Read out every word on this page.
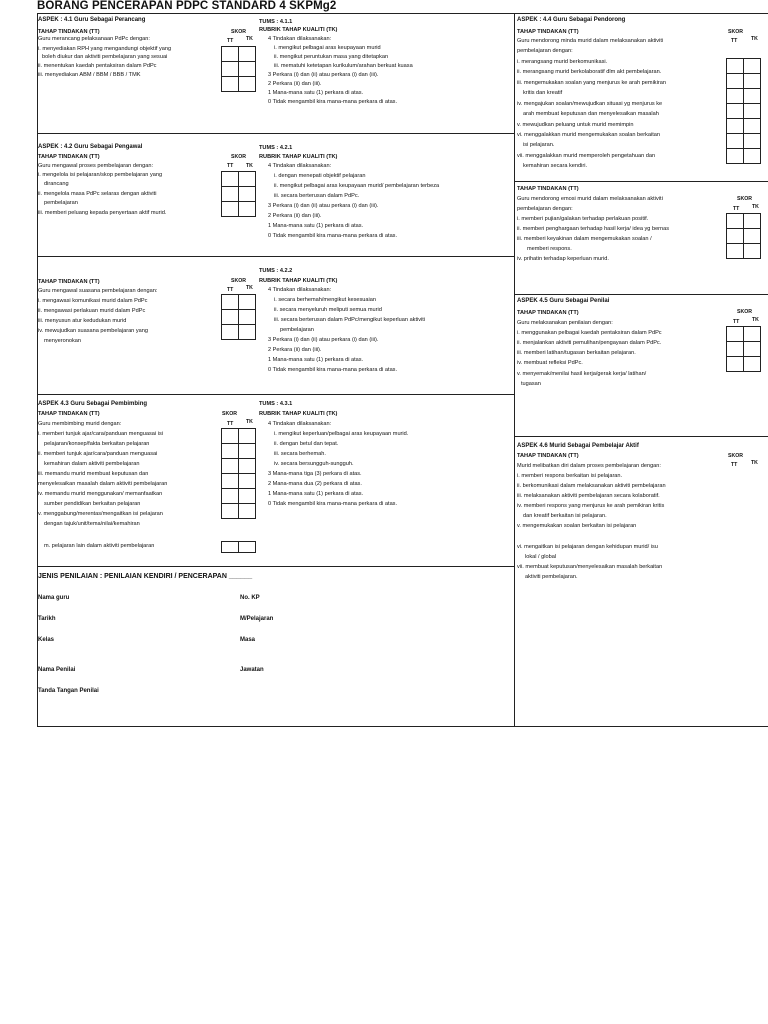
BORANG PENCERAPAN PDPC STANDARD 4 SKPMg2
ASPEK : 4.1 Guru Sebagai Perancang
TAHAP TINDAKAN (TT)
Guru merancang pelaksanaan PdPc dengan:
i. menyediakan RPH yang mengandungi objektif yang
boleh diukur dan aktiviti pembelajaran yang sesuai
ii. menentukan kaedah pentaksiran dalam PdPc
iii. menyediakan ABM / BBM / BBB / TMK
SKOR
TT TK

TUMS : 4.1.1
RUBRIK TAHAP KUALITI (TK)
4 Tindakan dilaksanakan:
i. mengikut pelbagai aras keupayaan murid
ii. mengikut peruntukan masa yang ditetapkan
iii. mematuhi ketetapan kurikulum/arahan berkuat kuasa
3 Perkara (i) dan (ii) atau perkara (i) dan (iii).
2 Perkara (ii) dan (iii).
1 Mana-mana satu (1) perkara di atas.
0 Tidak mengambil kira mana-mana perkara di atas.
ASPEK : 4.2 Guru Sebagai Pengawal
TAHAP TINDAKAN (TT)
Guru mengawal proses pembelajaran dengan:
i. mengelola isi pelajaran/skop pembelajaran yang
dirancang
ii. mengelola masa PdPc selaras dengan aktiviti
pembelajaran
iii. memberi peluang kepada penyertaan aktif murid.
SKOR
TT TK

TUMS : 4.2.1
RUBRIK TAHAP KUALITI (TK)
4 Tindakan dilaksanakan:
i. dengan menepati objektif pelajaran
ii. mengikut pelbagai aras keupayaan murid/ pembelajaran terbeza
iii. secara berterusan dalam PdPc.
3 Perkara (i) dan (ii) atau perkara (i) dan (iii).
2 Perkara (ii) dan (iii).
1 Mana-mana satu (1) perkara di atas.
0 Tidak mengambil kira mana-mana perkara di atas.
TAHAP TINDAKAN (TT)
Guru mengawal suasana pembelajaran dengan:
i. mengawasi komunikasi murid dalam PdPc
ii. mengawasi perlakuan murid dalam PdPc
iii. menyusun atur kedudukan murid
iv. mewujudkan suasana pembelajaran yang
menyeronokan
SKOR
TT TK

TUMS : 4.2.2
RUBRIK TAHAP KUALITI (TK)
4 Tindakan dilaksanakan:
i. secara berhemah/mengikut kesesuaian
ii. secara menyeluruh meliputi semua murid
iii. secara berterusan dalam PdPc/mengikut keperluan aktiviti
pembelajaran
3 Perkara (i) dan (ii) atau perkara (i) dan (iii).
2 Perkara (ii) dan (iii).
1 Mana-mana satu (1) perkara di atas.
0 Tidak mengambil kira mana-mana perkara di atas.
ASPEK 4.3 Guru Sebagai Pembimbing
TAHAP TINDAKAN (TT)
Guru membimbing murid dengan:
i. memberi tunjuk ajar/cara/panduan menguasai isi
pelajaran/konsep/fakta berkaitan pelajaran
ii. memberi tunjuk ajar/cara/panduan menguasai
kemahiran dalam aktiviti pembelajaran
iii. memandu murid membuat keputusan dan
menyelesaikan masalah dalam aktiviti pembelajaran
iv. memandu murid menggunakan/ memanfaatkan
sumber pendidikan berkaitan pelajaran
v. menggabung/merentas/mengaitkan isi pelajaran
dengan tajuk/unit/tema/nilai/kemahiran
m. pelajaran lain dalam aktiviti pembelajaran
SKOR
TT TK

TUMS : 4.3.1
RUBRIK TAHAP KUALITI (TK)
4 Tindakan dilaksanakan:
i. mengikut keperluan/pelbagai aras keupayaan murid.
ii. dengan betul dan tepat.
iii. secara berhemah.
iv. secara bersungguh-sungguh.
3 Mana-mana tiga (3) perkara di atas.
2 Mana-mana dua (2) perkara di atas.
1 Mana-mana satu (1) perkara di atas.
0 Tidak mengambil kira mana-mana perkara di atas.
ASPEK : 4.4 Guru Sebagai Pendorong
TAHAP TINDAKAN (TT)
Guru mendorong minda murid dalam melaksanakan aktiviti
pembelajaran dengan:
i. merangsang murid berkomunikasi.
ii. merangsang murid berkolaboratif dlm akt pembelajaran.
iii. mengemukakan soalan yang menjurus ke arah pemikiran
kritis dan kreatif
iv. mengajukan soalan/mewujudkan situasi yg menjurus ke
arah membuat keputusan dan menyelesaikan masalah
v. mewujudkan peluang untuk murid memimpin
vi. menggalakkan murid mengemukakan soalan berkaitan
isi pelajaran.
vii. menggalakkan murid memperoleh pengetahuan dan
kemahiran secara kendiri.
SKOR
TT	TK

TAHAP TINDAKAN (TT)
Guru mendorong emosi murid dalam melaksanakan aktiviti
pembelajaran dengan:
i. memberi pujian/galakan terhadap perlakuan positif.
ii. memberi penghargaan terhadap hasil kerja/ idea yg bernas
iii. memberi keyakinan dalam mengemukakan soalan /
memberi respons.
iv. prihatin terhadap keperluan murid.
SKOR
TT TK

ASPEK 4.5 Guru Sebagai Penilai
TAHAP TINDAKAN (TT)
Guru melaksanakan penilaian dengan:
i. menggunakan pelbagai kaedah pentaksiran dalam PdPc
ii. menjalankan aktiviti pemulihan/pengayaan dalam PdPc.
iii. memberi latihan/tugasan berkaitan pelajaran.
iv. membuat refleksi PdPc.
v. menyemak/menilai hasil kerja/gerak kerja/ latihan/
tugasan
SKOR
TT TK

ASPEK 4.6 Murid Sebagai Pembelajar Aktif
TAHAP TINDAKAN (TT)
Murid melibatkan diri dalam proses pembelajaran dengan:
i. memberi respons berkaitan isi pelajaran.
ii. berkomunikasi dalam melaksanakan aktiviti pembelajaran
iii. melaksanakan aktiviti pembelajaran secara kolaboratif.
iv. memberi respons yang menjurus ke arah pemikiran kritis
dan kreatif berkaitan isi pelajaran.
v. mengemukakan soalan berkaitan isi pelajaran
vi. mengaitkan isi pelajaran dengan kehidupan murid/ isu
lokal / global
vii. membuat keputusan/menyelesaikan masalah berkaitan
aktiviti pembelajaran.
SKOR
TT	TK
JENIS PENILAIAN : PENILAIAN KENDIRI / PENCERAPAN ______
Nama guru	No. KP
Tarikh	M/Pelajaran
Kelas	Masa
Nama Penilai	Jawatan
Tanda Tangan Penilai
